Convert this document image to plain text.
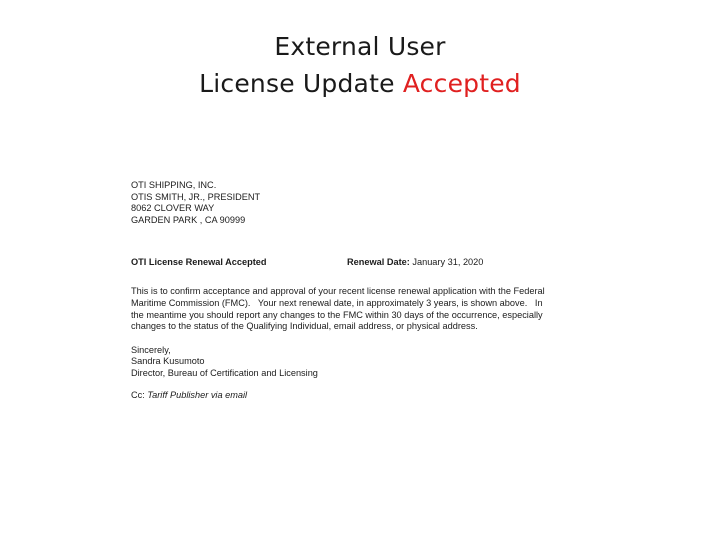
External User
License Update Accepted
OTI SHIPPING, INC.
OTIS SMITH, JR., PRESIDENT
8062 CLOVER WAY
GARDEN PARK , CA 90999
OTI License Renewal Accepted	Renewal Date: January 31, 2020
This is to confirm acceptance and approval of your recent license renewal application with the Federal
Maritime Commission (FMC).   Your next renewal date, in approximately 3 years, is shown above.   In
the meantime you should report any changes to the FMC within 30 days of the occurrence, especially
changes to the status of the Qualifying Individual, email address, or physical address.
Sincerely,
Sandra Kusumoto
Director, Bureau of Certification and Licensing
Cc: Tariff Publisher via email
